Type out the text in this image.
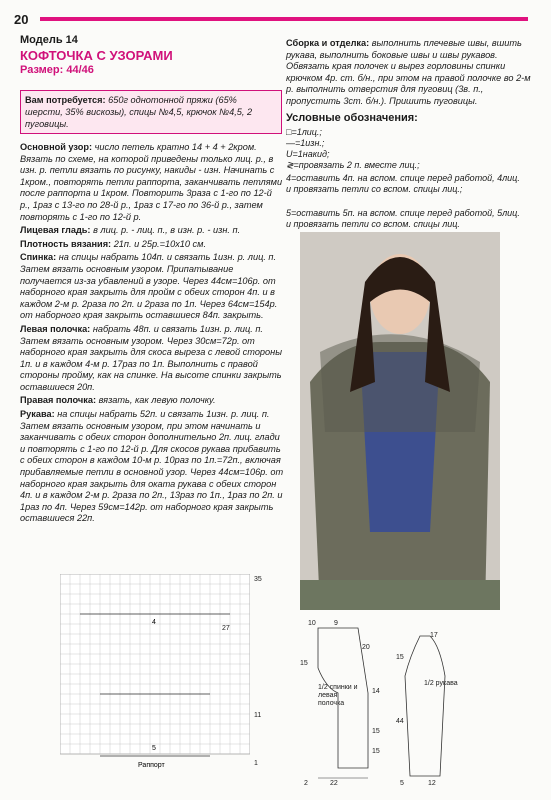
20
Модель 14
КОФТОЧКА С УЗОРАМИ
Размер: 44/46
Вам потребуется: 650г однотонной пряжи (65% шерсти, 35% вискозы), спицы №4,5, крючок №4,5, 2 пуговицы.

Основной узор: число петель кратно 14 + 4 + 2кром. Вязать по схеме, на которой приведены только лиц. р., в изн. р. петли вязать по рисунку, накиды - изн. Начинать с 1кром., повторять петли раппорта, заканчивать петлями после раппорта и 1кром. Повторить 3раза с 1-го по 12-й р., 1раз с 13-го по 28-й р., 1раз с 17-го по 36-й р., затем повторять с 1-го по 12-й р.

Лицевая гладь: в лиц. р. - лиц. п., в изн. р. - изн. п.

Плотность вязания: 21п. и 25р.=10х10 см.

Спинка: на спицы набрать 104п. и связать 1изн. р. лиц. п. Затем вязать основным узором. Припатывание получается из-за убавлений в узоре. Через 44см=106р. от наборного края закрыть для пройм с обеих сторон 4п. и в каждом 2-м р. 2раза по 2п. и 2раза по 1п. Через 64см=154р. от наборного края закрыть оставшиеся 84п. закрыть.

Левая полочка: набрать 48п. и связать 1изн. р. лиц. п. Затем вязать основным узором. Через 30см=72р. от наборного края закрыть для скоса выреза с левой стороны 1п. и в каждом 4-м р. 17раз по 1п. Выполнить с правой стороны пройму, как на спинке. На высоте спинки закрыть оставшиеся 20п.

Правая полочка: вязать, как левую полочку.

Рукава: на спицы набрать 52п. и связать 1изн. р. лиц. п. Затем вязать основным узором, при этом начинать и заканчивать с обеих сторон дополнительно 2п. лиц. глади и повторять с 1-го по 12-й р. Для скосов рукава прибавить с обеих сторон в каждом 10-м р. 10раз по 1п.=72п., включая прибавляемые петли в основной узор. Через 44см=106р. от наборного края закрыть для оката рукава с обеих сторон 4п. и в каждом 2-м р. 2раза по 2п., 13раз по 1п., 1раз по 2п. и 1раз по 4п. Через 59см=142р. от наборного края закрыть оставшиеся 22п.

Сборка и отделка: выполнить плечевые швы, вшить рукава, выполнить боковые швы и швы рукавов. Обвязать края полочек и вырез горловины спинки крючком 4р. ст. б/н., при этом на правой полочке во 2-м р. выполнить отверстия для пуговиц (3в. п., пропустить 3ст. б/н.). Пришить пуговицы.
Условные обозначения:
□=1лиц.;
—=1изн.;
U=1накид;
≷=провязать 2 п. вместе лиц.;
4=оставить 4п. на вспом. спице перед работой, 4лиц. и провязать петли со вспом. спицы лиц.;
5=оставить 5п. на вспом. спице перед работой, 5лиц. и провязать петли со вспом. спицы лиц.
Раппорт
4
5
35
27
11
1
10	9
20
15
14
15
15
22
2
1/2 спинки и левая полочка
17
15
44
5	12
1/2 рукава
